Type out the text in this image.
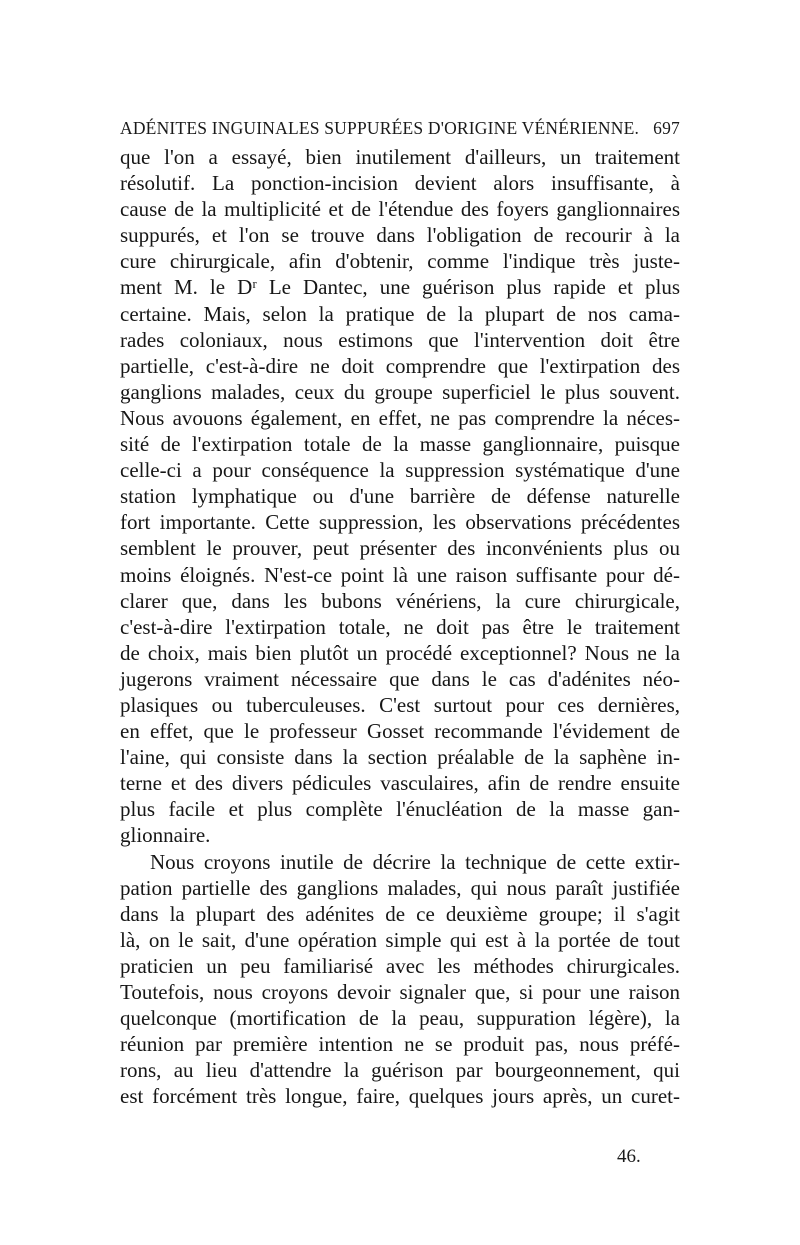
ADÉNITES INGUINALES SUPPURÉES D'ORIGINE VÉNÉRIENNE. 697
que l'on a essayé, bien inutilement d'ailleurs, un traitement
résolutif. La ponction-incision devient alors insuffisante, à
cause de la multiplicité et de l'étendue des foyers ganglionnaires
suppurés, et l'on se trouve dans l'obligation de recourir à la
cure chirurgicale, afin d'obtenir, comme l'indique très juste-
ment M. le Dʳ Le Dantec, une guérison plus rapide et plus
certaine. Mais, selon la pratique de la plupart de nos cama-
rades coloniaux, nous estimons que l'intervention doit être
partielle, c'est-à-dire ne doit comprendre que l'extirpation des
ganglions malades, ceux du groupe superficiel le plus souvent.
Nous avouons également, en effet, ne pas comprendre la néces-
sité de l'extirpation totale de la masse ganglionnaire, puisque
celle-ci a pour conséquence la suppression systématique d'une
station lymphatique ou d'une barrière de défense naturelle
fort importante. Cette suppression, les observations précédentes
semblent le prouver, peut présenter des inconvénients plus ou
moins éloignés. N'est-ce point là une raison suffisante pour dé-
clarer que, dans les bubons vénériens, la cure chirurgicale,
c'est-à-dire l'extirpation totale, ne doit pas être le traitement
de choix, mais bien plutôt un procédé exceptionnel? Nous ne la
jugerons vraiment nécessaire que dans le cas d'adénites néo-
plasiques ou tuberculeuses. C'est surtout pour ces dernières,
en effet, que le professeur Gosset recommande l'évidement de
l'aine, qui consiste dans la section préalable de la saphène in-
terne et des divers pédicules vasculaires, afin de rendre ensuite
plus facile et plus complète l'énucléation de la masse gan-
glionnaire.
Nous croyons inutile de décrire la technique de cette extir-
pation partielle des ganglions malades, qui nous paraît justifiée
dans la plupart des adénites de ce deuxième groupe; il s'agit
là, on le sait, d'une opération simple qui est à la portée de tout
praticien un peu familiarisé avec les méthodes chirurgicales.
Toutefois, nous croyons devoir signaler que, si pour une raison
quelconque (mortification de la peau, suppuration légère), la
réunion par première intention ne se produit pas, nous préfé-
rons, au lieu d'attendre la guérison par bourgeonnement, qui
est forcément très longue, faire, quelques jours après, un curet-
46.
